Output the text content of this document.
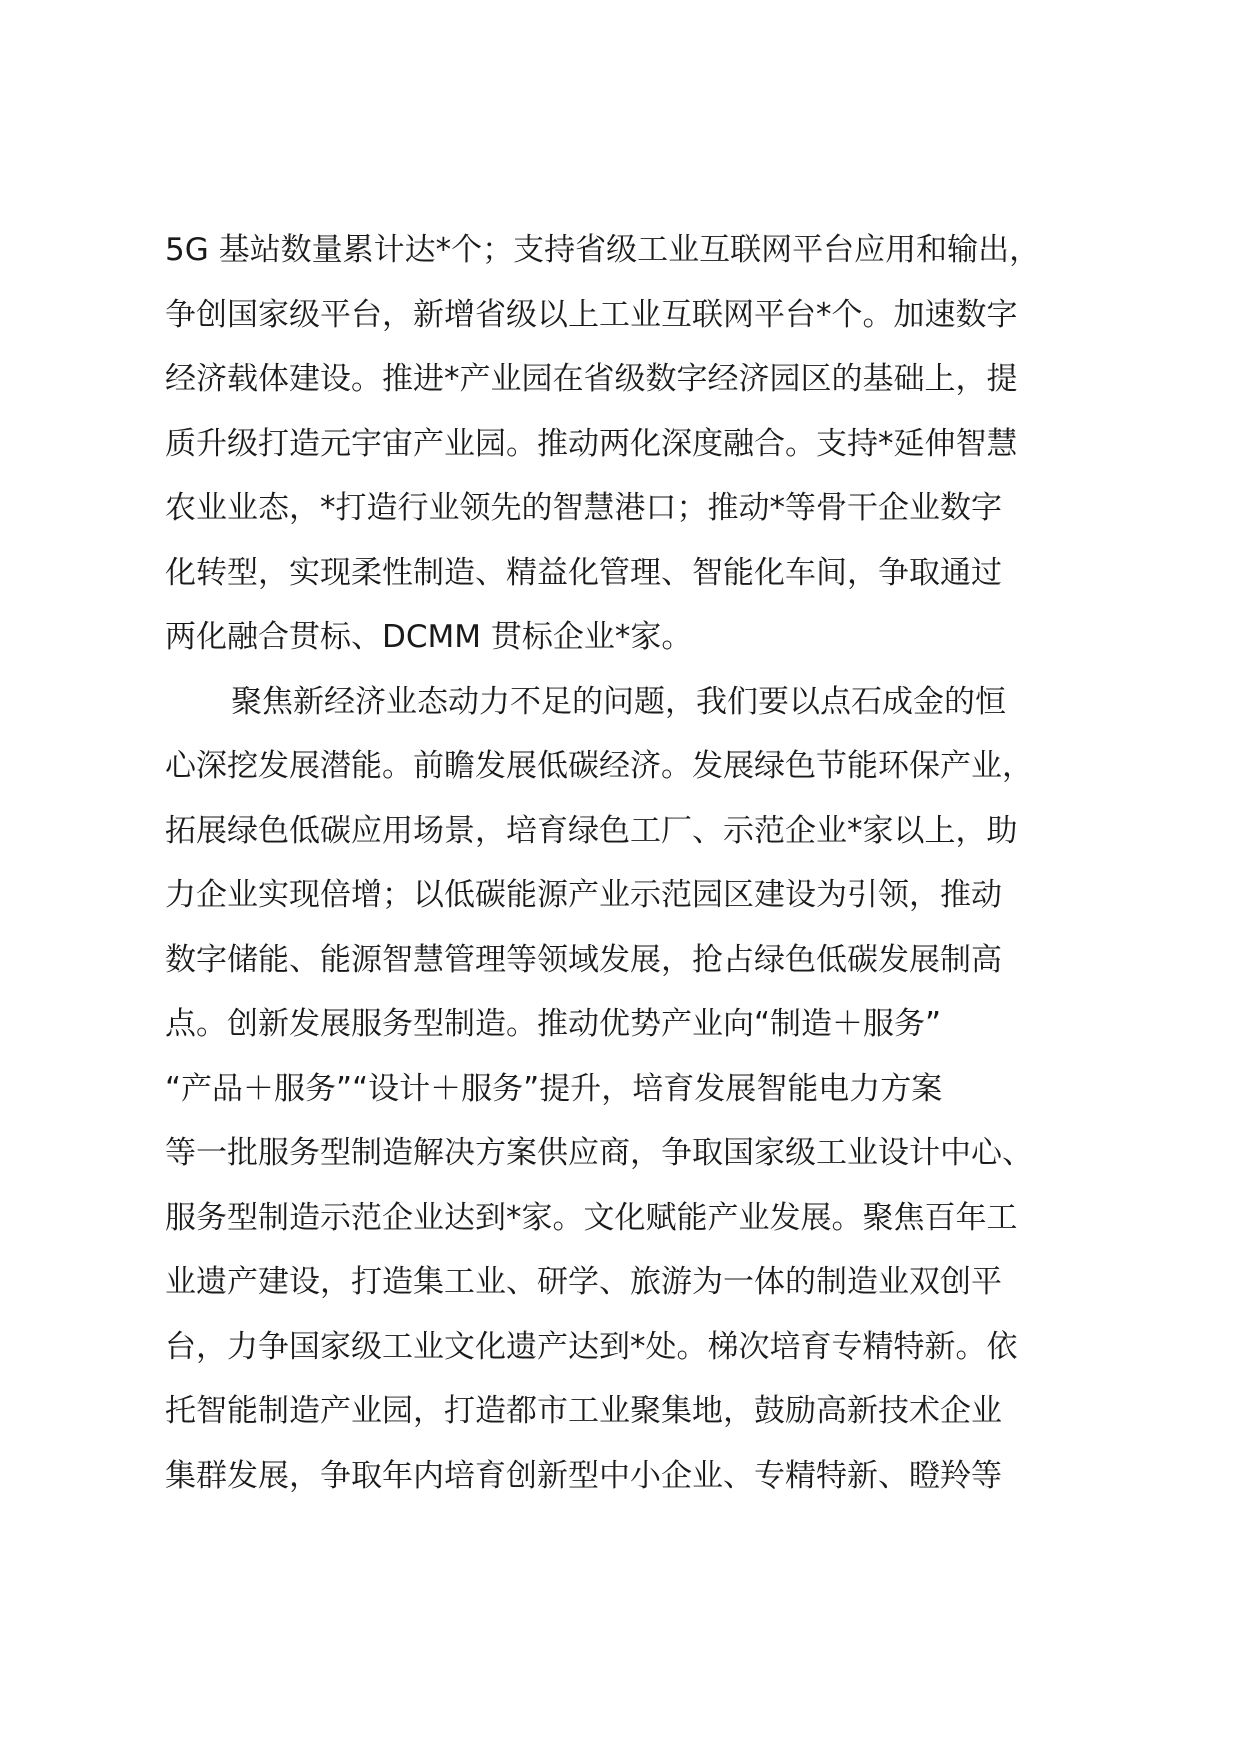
5G 基站数量累计达*个；支持省级工业互联网平台应用和输出，
争创国家级平台，新增省级以上工业互联网平台*个。加速数字
经济载体建设。推进*产业园在省级数字经济园区的基础上，提
质升级打造元宇宙产业园。推动两化深度融合。支持*延伸智慧
农业业态，*打造行业领先的智慧港口；推动*等骨干企业数字
化转型，实现柔性制造、精益化管理、智能化车间，争取通过
两化融合贯标、DCMM 贯标企业*家。
聚焦新经济业态动力不足的问题，我们要以点石成金的恒
心深挖发展潜能。前瞻发展低碳经济。发展绿色节能环保产业，
拓展绿色低碳应用场景，培育绿色工厂、示范企业*家以上，助
力企业实现倍增；以低碳能源产业示范园区建设为引领，推动
数字储能、能源智慧管理等领域发展，抢占绿色低碳发展制高
点。创新发展服务型制造。推动优势产业向“制造＋服务”
“产品＋服务”“设计＋服务”提升，培育发展智能电力方案
等一批服务型制造解决方案供应商，争取国家级工业设计中心、
服务型制造示范企业达到*家。文化赋能产业发展。聚焦百年工
业遗产建设，打造集工业、研学、旅游为一体的制造业双创平
台，力争国家级工业文化遗产达到*处。梯次培育专精特新。依
托智能制造产业园，打造都市工业聚集地，鼓励高新技术企业
集群发展，争取年内培育创新型中小企业、专精特新、瞪羚等
